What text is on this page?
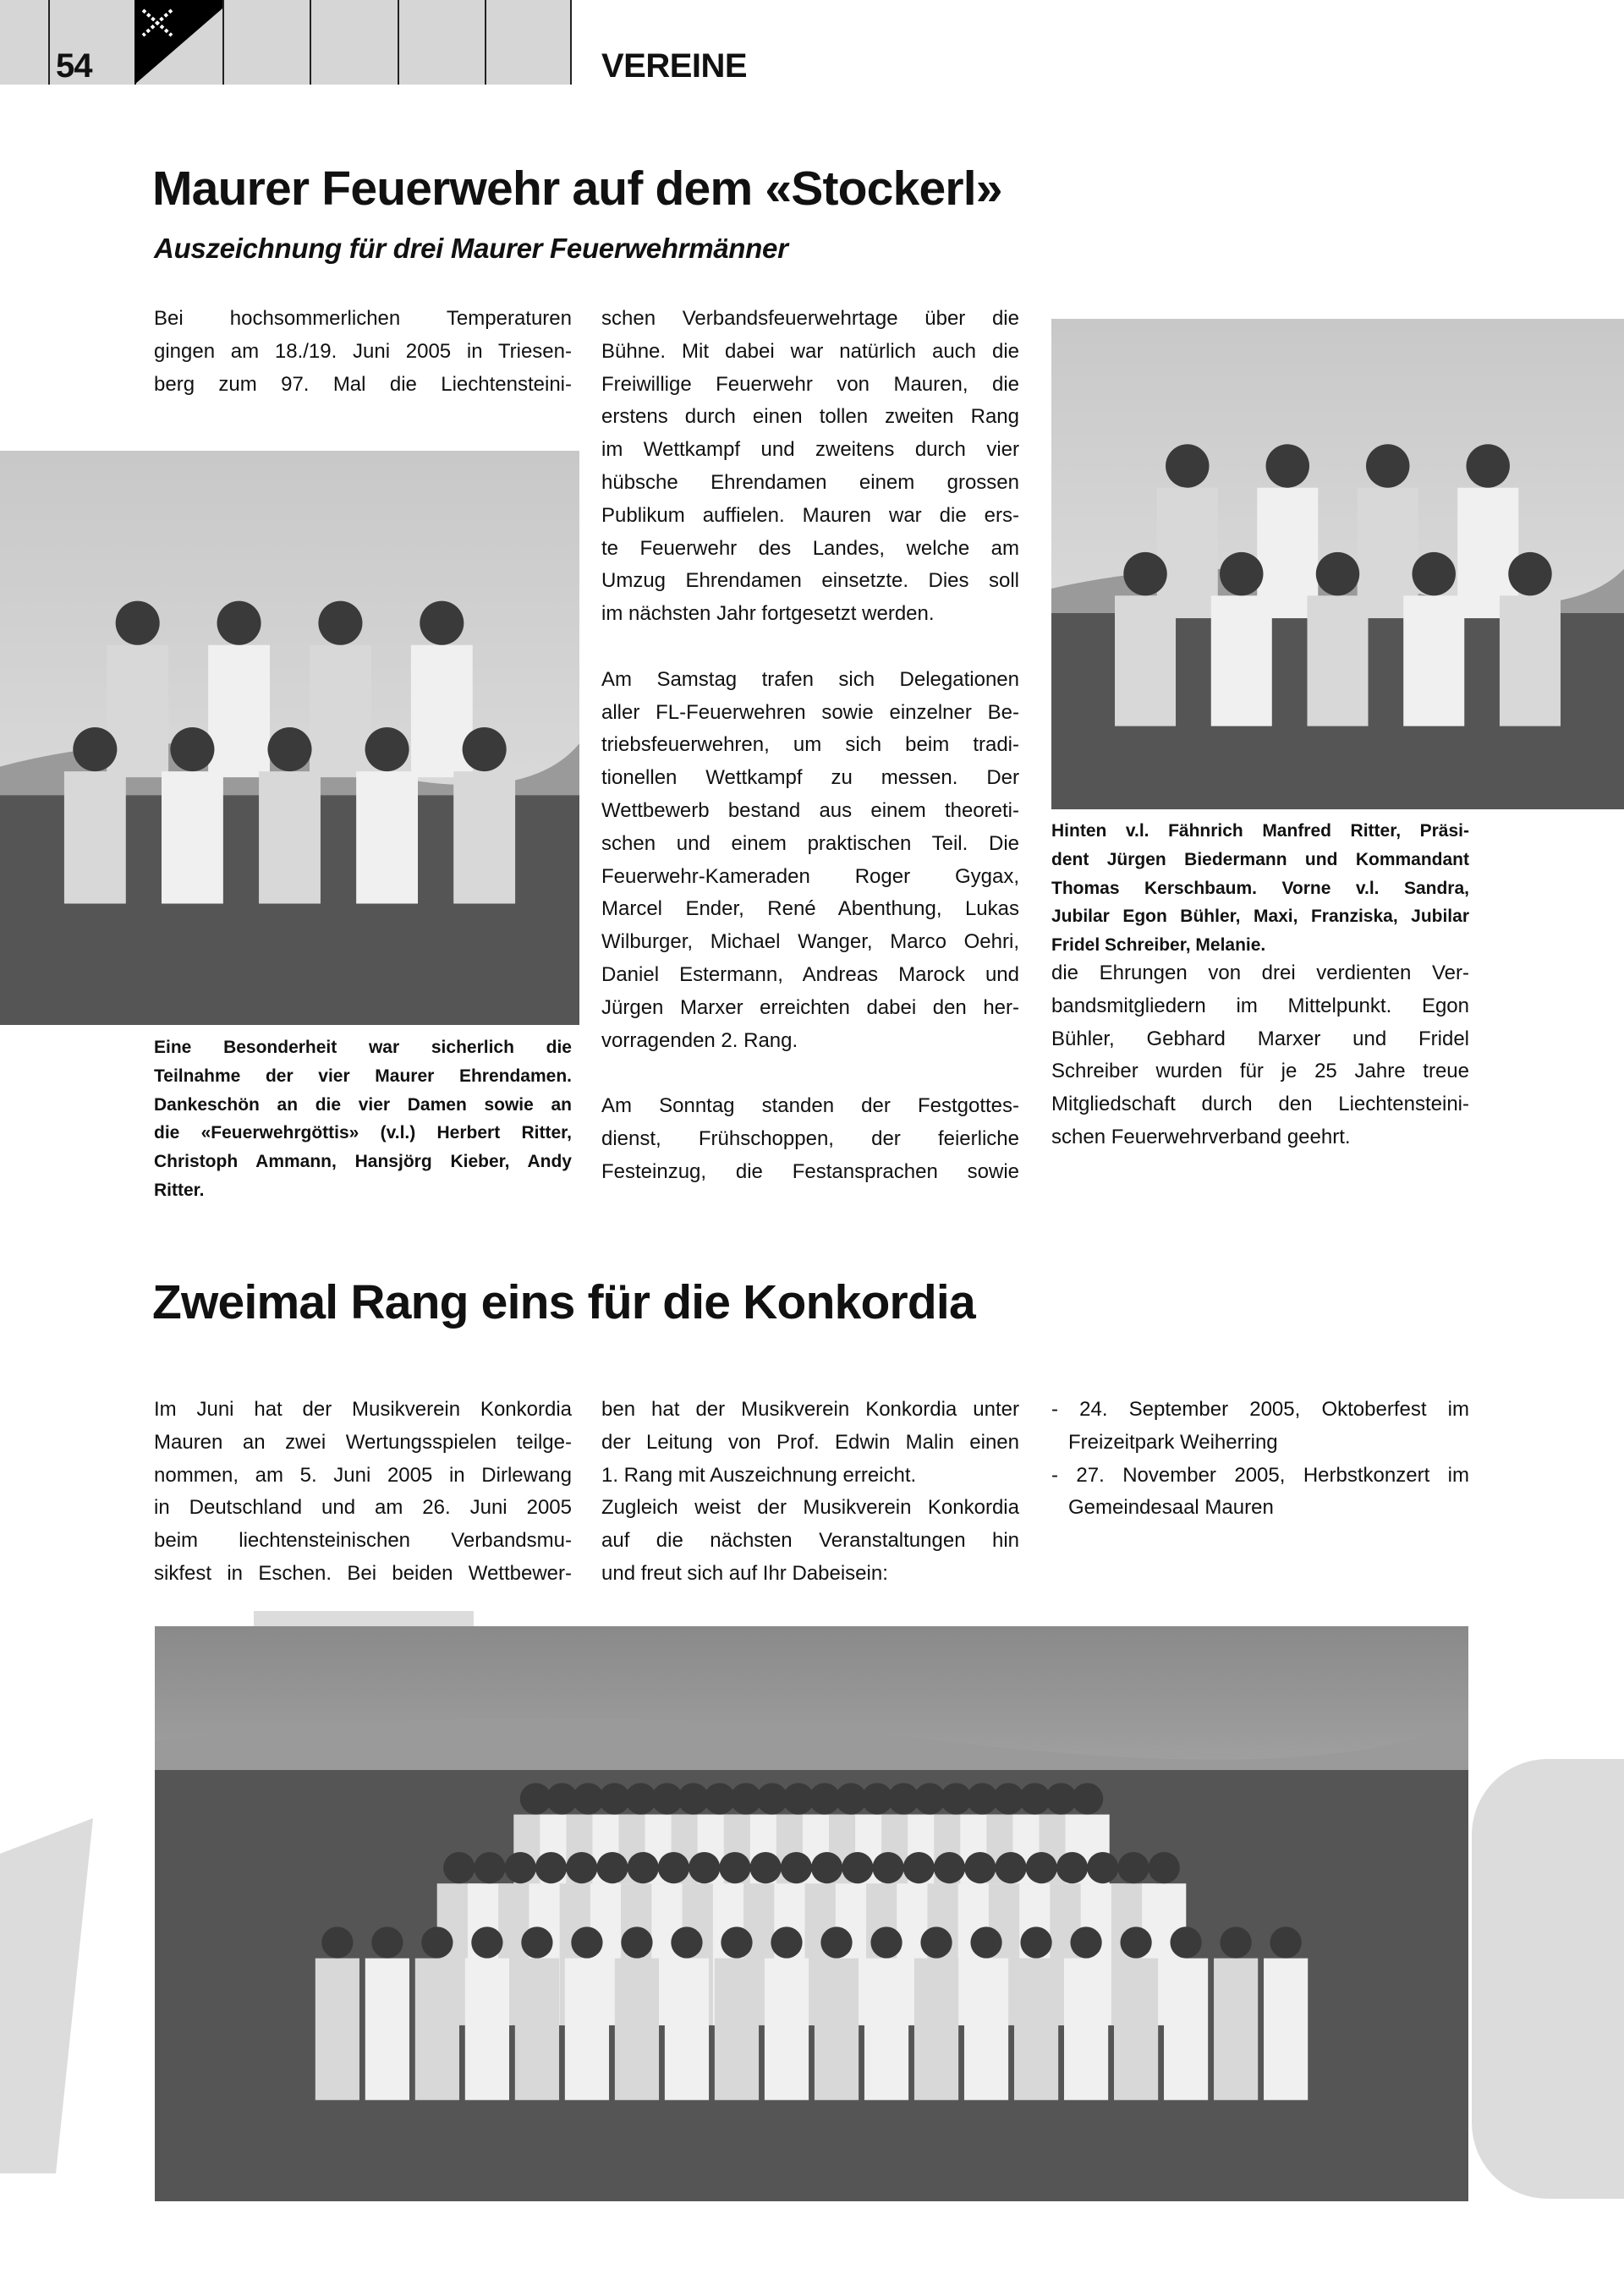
54	VEREINE
Maurer Feuerwehr auf dem «Stockerl»
Auszeichnung für drei Maurer Feuerwehrmänner
Bei hochsommerlichen Temperaturen
gingen am 18./19. Juni 2005 in Triesen-
berg zum 97. Mal die Liechtensteini-
Eine Besonderheit war sicherlich die
Teilnahme der vier Maurer Ehrendamen.
Dankeschön an die vier Damen sowie an
die «Feuerwehrgöttis» (v.l.) Herbert Ritter,
Christoph Ammann, Hansjörg Kieber, Andy
Ritter.
schen Verbandsfeuerwehrtage über die
Bühne. Mit dabei war natürlich auch die
Freiwillige Feuerwehr von Mauren, die
erstens durch einen tollen zweiten Rang
im Wettkampf und zweitens durch vier
hübsche Ehrendamen einem grossen
Publikum auffielen. Mauren war die ers-
te Feuerwehr des Landes, welche am
Umzug Ehrendamen einsetzte. Dies soll
im nächsten Jahr fortgesetzt werden.
Am Samstag trafen sich Delegationen
aller FL-Feuerwehren sowie einzelner Be-
triebsfeuerwehren, um sich beim tradi-
tionellen Wettkampf zu messen. Der
Wettbewerb bestand aus einem theoreti-
schen und einem praktischen Teil. Die
Feuerwehr-Kameraden Roger Gygax,
Marcel Ender, René Abenthung, Lukas
Wilburger, Michael Wanger, Marco Oehri,
Daniel Estermann, Andreas Marock und
Jürgen Marxer erreichten dabei den her-
vorragenden 2. Rang.
Am Sonntag standen der Festgottes-
dienst, Frühschoppen, der feierliche
Festeinzug, die Festansprachen sowie
Hinten v.l. Fähnrich Manfred Ritter, Präsi-
dent Jürgen Biedermann und Kommandant
Thomas Kerschbaum. Vorne v.l. Sandra,
Jubilar Egon Bühler, Maxi, Franziska, Jubilar
Fridel Schreiber, Melanie.
die Ehrungen von drei verdienten Ver-
bandsmitgliedern im Mittelpunkt. Egon
Bühler, Gebhard Marxer und Fridel
Schreiber wurden für je 25 Jahre treue
Mitgliedschaft durch den Liechtensteini-
schen Feuerwehrverband geehrt.
Zweimal Rang eins für die Konkordia
Im Juni hat der Musikverein Konkordia
Mauren an zwei Wertungsspielen teilge-
nommen, am 5. Juni 2005 in Dirlewang
in Deutschland und am 26. Juni 2005
beim liechtensteinischen Verbandsmu-
sikfest in Eschen. Bei beiden Wettbewer-
ben hat der Musikverein Konkordia unter
der Leitung von Prof. Edwin Malin einen
1. Rang mit Auszeichnung erreicht.
Zugleich weist der Musikverein Konkordia
auf die nächsten Veranstaltungen hin
und freut sich auf Ihr Dabeisein:
- 24. September 2005, Oktoberfest im
Freizeitpark Weiherring
- 27. November 2005, Herbstkonzert im
Gemeindesaal Mauren
